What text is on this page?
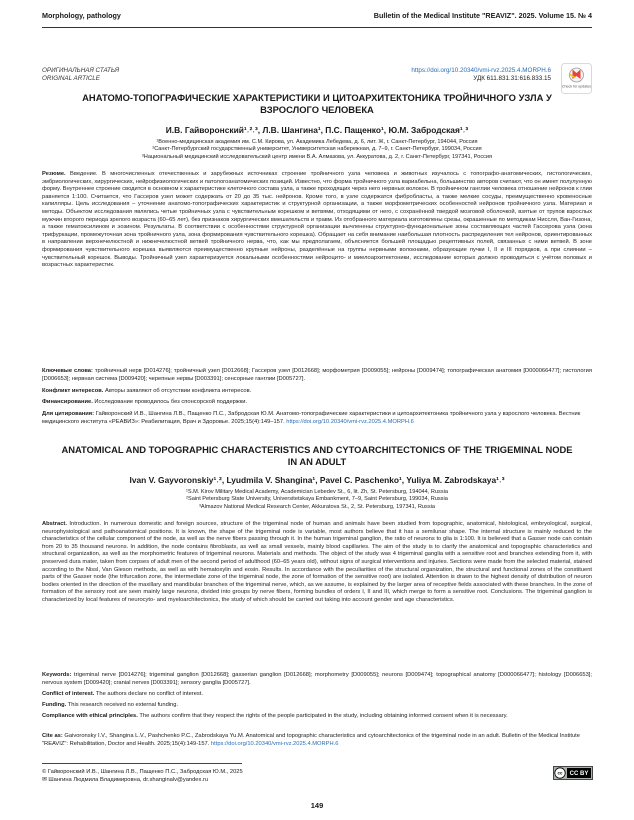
Morphology, pathology	Bulletin of the Medical Institute "REAVIZ". 2025. Volume 15. № 4
ОРИГИНАЛЬНАЯ СТАТЬЯ
ORIGINAL ARTICLE
https://doi.org/10.20340/vmi-rvz.2025.4.MORPH.6
УДК 611.831.31:616.833.15
Check for updates
АНАТОМО-ТОПОГРАФИЧЕСКИЕ ХАРАКТЕРИСТИКИ И ЦИТОАРХИТЕКТОНИКА ТРОЙНИЧНОГО УЗЛА У ВЗРОСЛОГО ЧЕЛОВЕКА
И.В. Гайворонский¹˒²˒³, Л.В. Шангина¹, П.С. Пащенко¹, Ю.М. Забродская¹˒³
¹Военно-медицинская академия им. С.М. Кирова, ул. Академика Лебедева, д. 6, лит. Ж, г. Санкт-Петербург, 194044, Россия
²Санкт-Петербургский государственный университет, Университетская набережная, д. 7–9, г. Санкт-Петербург, 199034, Россия
³Национальный медицинский исследовательский центр имени В.А. Алмазова, ул. Аккуратова, д. 2, г. Санкт-Петербург, 197341, Россия
Резюме. Введение. В многочисленных отечественных и зарубежных источниках строение тройничного узла человека и животных изучалось с топографо-анатомических, гистологических, эмбриологических, хирургических, нейрофизиологических и патологоанатомических позиций. Известно, что форма тройничного узла вариабельна, большинство авторов считают, что он имеет полулунную форму. Внутреннее строение сводится в основном к характеристике клеточного состава узла, а также проходящих через него нервных волокон. В тройничном ганглии человека отношение нейронов к глии равняется 1:100. Считается, что Гассеров узел может содержать от 20 до 35 тыс. нейронов. Кроме того, в узле содержатся фибробласты, а также мелкие сосуды, преимущественно кровеносные капилляры. Цель исследования – уточнение анатомо-топографических характеристик и структурной организации, а также морфометрических особенностей нейронов тройничного узла. Материал и методы. Объектом исследования являлись четые тройничных узла с чувствительным корешком и ветвями, отходящими от него, с сохранённой твердой мозговой оболочкой, взятые от трупов взрослых мужчин второго периода зрелого возраста (60–65 лет), без признаков хирургических вмешательств и травм. Из отобранного материала изготовлены срезы, окрашенные по методикам Ниссля, Ван-Гизона, а также гематоксилином и эозином. Результаты. В соответствии с особенностями структурной организации вычленены структурно-функциональные зоны составляющих частей Гассерова узла (зона трифуркации, промежуточная зона тройничного узла, зона формирования чувствительного корешка). Обращает на себя внимание наибольшая плотность распределения тел нейронов, ориентированных в направлении верхнечелюстной и нижнечелюстной ветвей тройничного нерва, что, как мы предполагаем, объясняется большей площадью рецептивных полей, связанных с ними ветвей. В зоне формирования чувствительного корешка выявляются преимущественно крупные нейроны, разделённые на группы нервными волокнами, образующие пучки I, II и III порядков, а при слиянии – чувствительный корешок. Выводы. Тройничный узел характеризуется локальными особенностями нейроцито- и миелоархитектоники, исследование которых должно проводиться с учётом половых и возрастных характеристик.
Ключевые слова: тройничный нерв [D014276]; тройничный узел [D012668]; Гассеров узел [D012668]; морфометрия [D009055]; нейроны [D009474]; топографическая анатомия [D000066477]; гистология [D006653]; нервная система [D009420]; черепные нервы [D003391]; сенсорные ганглии [D005727].
Конфликт интересов. Авторы заявляют об отсутствии конфликта интересов.
Финансирование. Исследование проводилось без спонсорской поддержки.
Для цитирования: Гайворонский И.В., Шангина Л.В., Пащенко П.С., Забродская Ю.М. Анатомо-топографические характеристики и цитоархитектоника тройничного узла у взрослого человека. Вестник медицинского института «РЕАВИЗ»: Реабилитация, Врач и Здоровье. 2025;15(4):149–157. https://doi.org/10.20340/vmi-rvz.2025.4.MORPH.6
ANATOMICAL AND TOPOGRAPHIC CHARACTERISTICS AND CYTOARCHITECTONICS OF THE TRIGEMINAL NODE IN AN ADULT
Ivan V. Gayvoronskiy¹˒², Lyudmila V. Shangina¹, Pavel C. Paschenko¹, Yuliya M. Zabrodskaya¹˒³
¹S.M. Kirov Military Medical Academy, Academician Lebedev St., 6, lit. Zh, St. Petersburg, 194044, Russia
²Saint Petersburg State University, Universitetskaya Embankment, 7–9, Saint Petersburg, 199034, Russia
³Almazov National Medical Research Center, Akkuratova St., 2, St. Petersburg, 197341, Russia
Abstract. Introduction. In numerous domestic and foreign sources, structure of the trigeminal node of human and animals have been studied from topographic, anatomical, histological, embryological, surgical, neurophysiological and pathoanatomical positions. It is known, the shape of the trigeminal node is variable, most authors believe that it has a semilunar shape. The internal structure is mainly reduced to the characteristics of the cellular component of the node, as well as the nerve fibers passing through it. In the human trigeminal ganglion, the ratio of neurons to glia is 1:100. It is believed that a Gasser node can contain from 20 to 35 thousand neurons. In addition, the node contains fibroblasts, as well as small vessels, mainly blood capillaries. The aim of the study is to clarify the anatomical and topographic characteristics and structural organization, as well as the morphometric features of trigeminal neurons. Materials and methods. The object of the study was 4 trigeminal ganglia with a sensitive root and branches extending from it, with preserved dura mater, taken from corpses of adult men of the second period of adulthood (60–65 years old), without signs of surgical interventions and injuries. Sections were made from the selected material, stained according to the Nissl, Van Gieson methods, as well as with hematoxylin and eosin. Results. In accordance with the peculiarities of the structural organization, the structural and functional zones of the constituent parts of the Gasser node (the trifurcation zone, the intermediate zone of the trigeminal node, the zone of formation of the sensitive root) are isolated. Attention is drawn to the highest density of distribution of neuron bodies oriented in the direction of the maxillary and mandibular branches of the trigeminal nerve, which, as we assume, is explained by the larger area of receptive fields associated with these branches. In the zone of formation of the sensory root are seen mainly large neurons, divided into groups by nerve fibers, forming bundles of orders I, II and III, which merge to form a sensitive root. Conclusions. The trigeminal ganglion is characterized by local features of neurocyto- and myeloarchitectonics, the study of which should be carried out taking into account gender and age characteristics.
Keywords: trigeminal nerve [D014276]; trigeminal ganglion [D012668]; gasserian ganglion [D012668]; morphometry [D009055]; neurons [D009474]; topographical anatomy [D000066477]; histology [D006653]; nervous system [D009420]; cranial nerves [D003391]; sensory ganglia [D005727].
Conflict of interest. The authors declare no conflict of interest.
Funding. This research received no external funding.
Compliance with ethical principles. The authors confirm that they respect the rights of the people participated in the study, including obtaining informed consent when it is necessary.
Cite as: Gaivoronsky I.V., Shangina L.V., Pashchenko P.C., Zabrodskaya Yu.M. Anatomical and topographic characteristics and cytoarchitectonics of the trigeminal node in an adult. Bulletin of the Medical Institute "REAVIZ": Rehabilitation, Doctor and Health. 2025;15(4):149-157. https://doi.org/10.20340/vmi-rvz.2025.4.MORPH.6
© Гайворонский И.В., Шангина Л.В., Пащенко П.С., Забродская Ю.М., 2025
✉ Шангина Людмила Владимировна, dr.shanginalv@yandex.ru
cc CC BY
149
